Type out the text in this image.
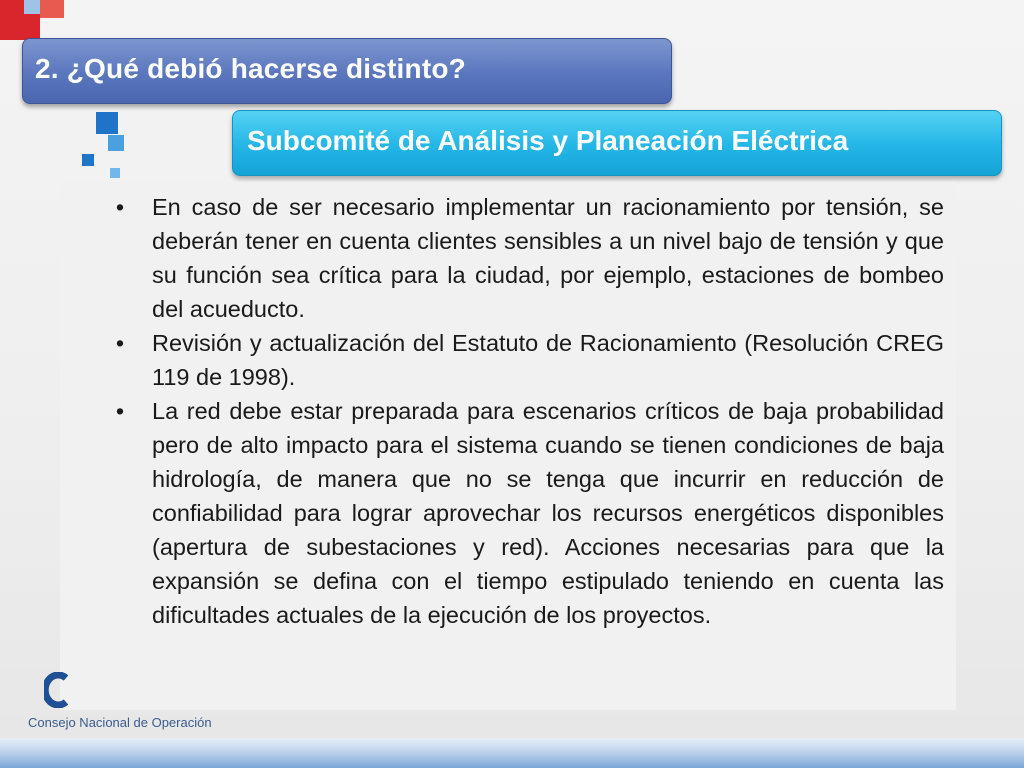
2. ¿Qué debió hacerse distinto?
Subcomité de Análisis y Planeación Eléctrica
• En caso de ser necesario implementar un racionamiento por tensión, se deberán tener en cuenta clientes sensibles a un nivel bajo de tensión y que su función sea crítica para la ciudad, por ejemplo, estaciones de bombeo del acueducto.
• Revisión y actualización del Estatuto de Racionamiento (Resolución CREG 119 de 1998).
• La red debe estar preparada para escenarios críticos de baja probabilidad pero de alto impacto para el sistema cuando se tienen condiciones de baja hidrología, de manera que no se tenga que incurrir en reducción de confiabilidad para lograr aprovechar los recursos energéticos disponibles (apertura de subestaciones y red). Acciones necesarias para que la expansión se defina con el tiempo estipulado teniendo en cuenta las dificultades actuales de la ejecución de los proyectos.
Consejo Nacional de Operación
